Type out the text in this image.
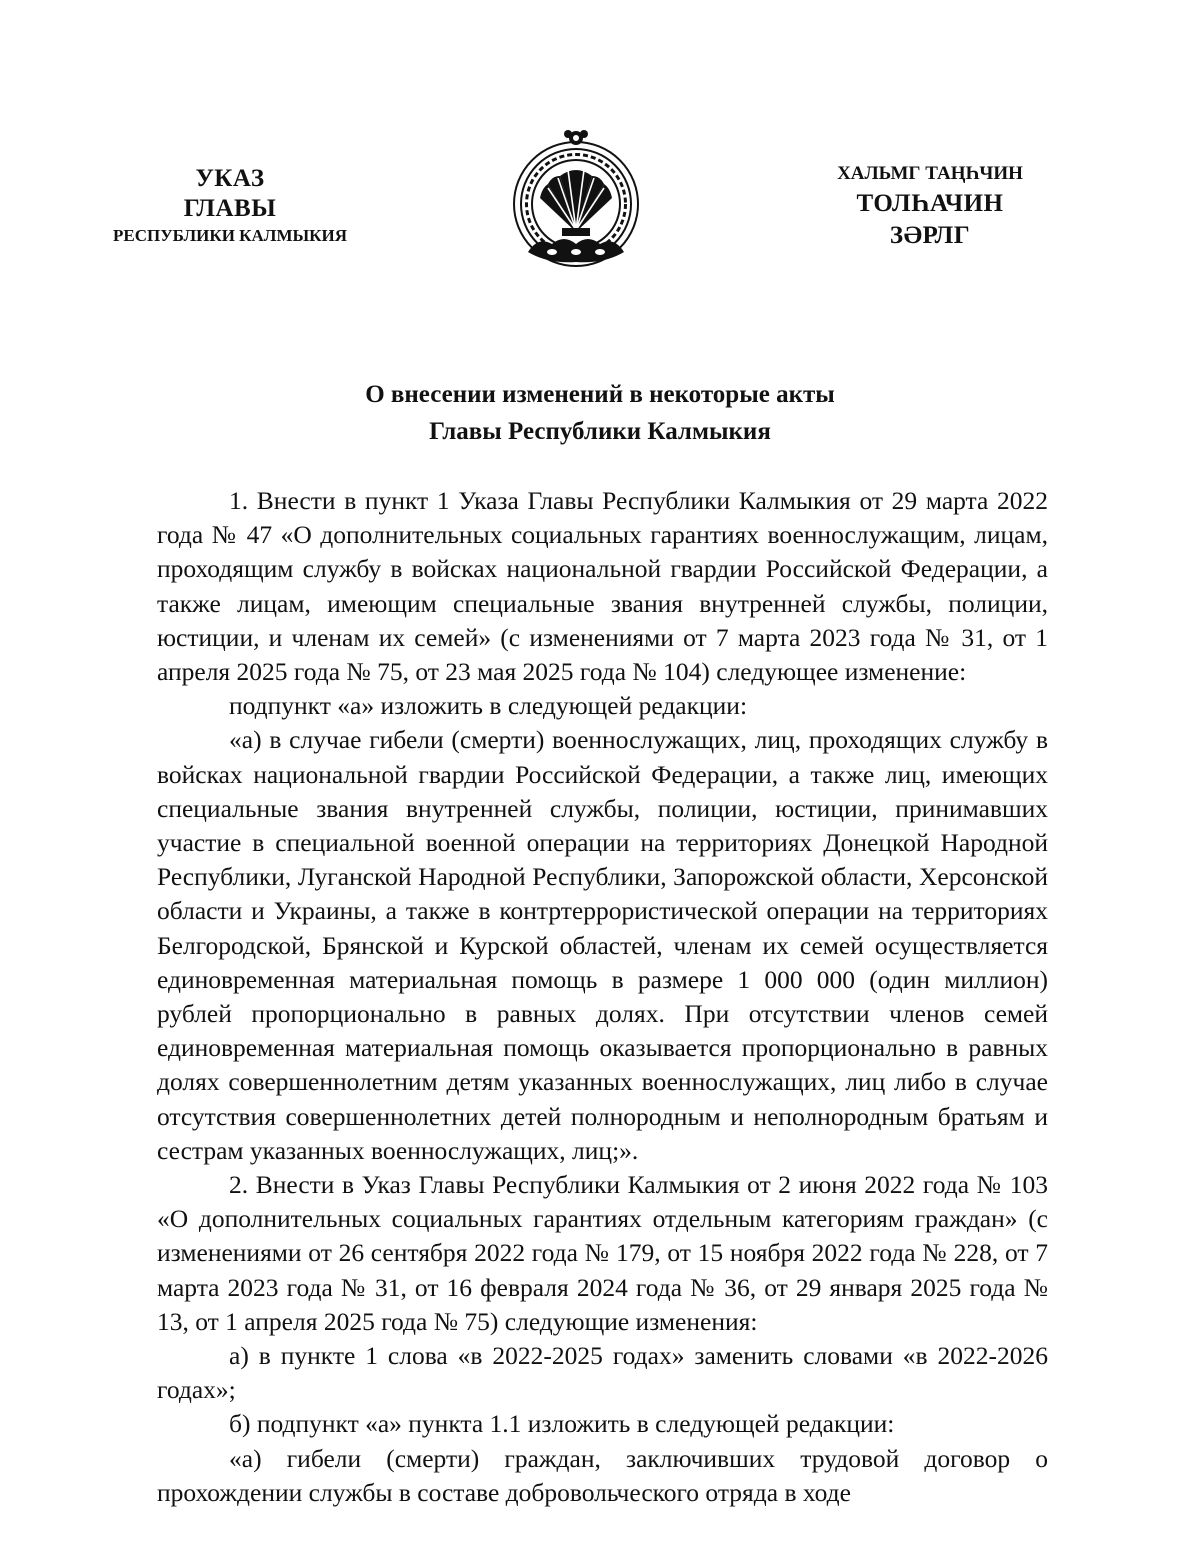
УКАЗ
ГЛАВЫ
РЕСПУБЛИКИ КАЛМЫКИЯ
ХАЛЬМГ ТАҢҺЧИН
ТОЛҺАЧИН
ЗӘРЛГ
О внесении изменений в некоторые акты
Главы Республики Калмыкия

1. Внести в пункт 1 Указа Главы Республики Калмыкия от 29 марта 2022 года № 47 «О дополнительных социальных гарантиях военнослужащим, лицам, проходящим службу в войсках национальной гвардии Российской Федерации, а также лицам, имеющим специальные звания внутренней службы, полиции, юстиции, и членам их семей» (с изменениями от 7 марта 2023 года № 31, от 1 апреля 2025 года № 75, от 23 мая 2025 года № 104) следующее изменение:

подпункт «а» изложить в следующей редакции:

«а) в случае гибели (смерти) военнослужащих, лиц, проходящих службу в войсках национальной гвардии Российской Федерации, а также лиц, имеющих специальные звания внутренней службы, полиции, юстиции, принимавших участие в специальной военной операции на территориях Донецкой Народной Республики, Луганской Народной Республики, Запорожской области, Херсонской области и Украины, а также в контртеррористической операции на территориях Белгородской, Брянской и Курской областей, членам их семей осуществляется единовременная материальная помощь в размере 1 000 000 (один миллион) рублей пропорционально в равных долях. При отсутствии членов семей единовременная материальная помощь оказывается пропорционально в равных долях совершеннолетним детям указанных военнослужащих, лиц либо в случае отсутствия совершеннолетних детей полнородным и неполнородным братьям и сестрам указанных военнослужащих, лиц;».

2. Внести в Указ Главы Республики Калмыкия от 2 июня 2022 года № 103 «О дополнительных социальных гарантиях отдельным категориям граждан» (с изменениями от 26 сентября 2022 года № 179, от 15 ноября 2022 года № 228, от 7 марта 2023 года № 31, от 16 февраля 2024 года № 36, от 29 января 2025 года № 13, от 1 апреля 2025 года № 75) следующие изменения:

а) в пункте 1 слова «в 2022-2025 годах» заменить словами «в 2022-2026 годах»;

б) подпункт «а» пункта 1.1 изложить в следующей редакции:

«а) гибели (смерти) граждан, заключивших трудовой договор о прохождении службы в составе добровольческого отряда в ходе
